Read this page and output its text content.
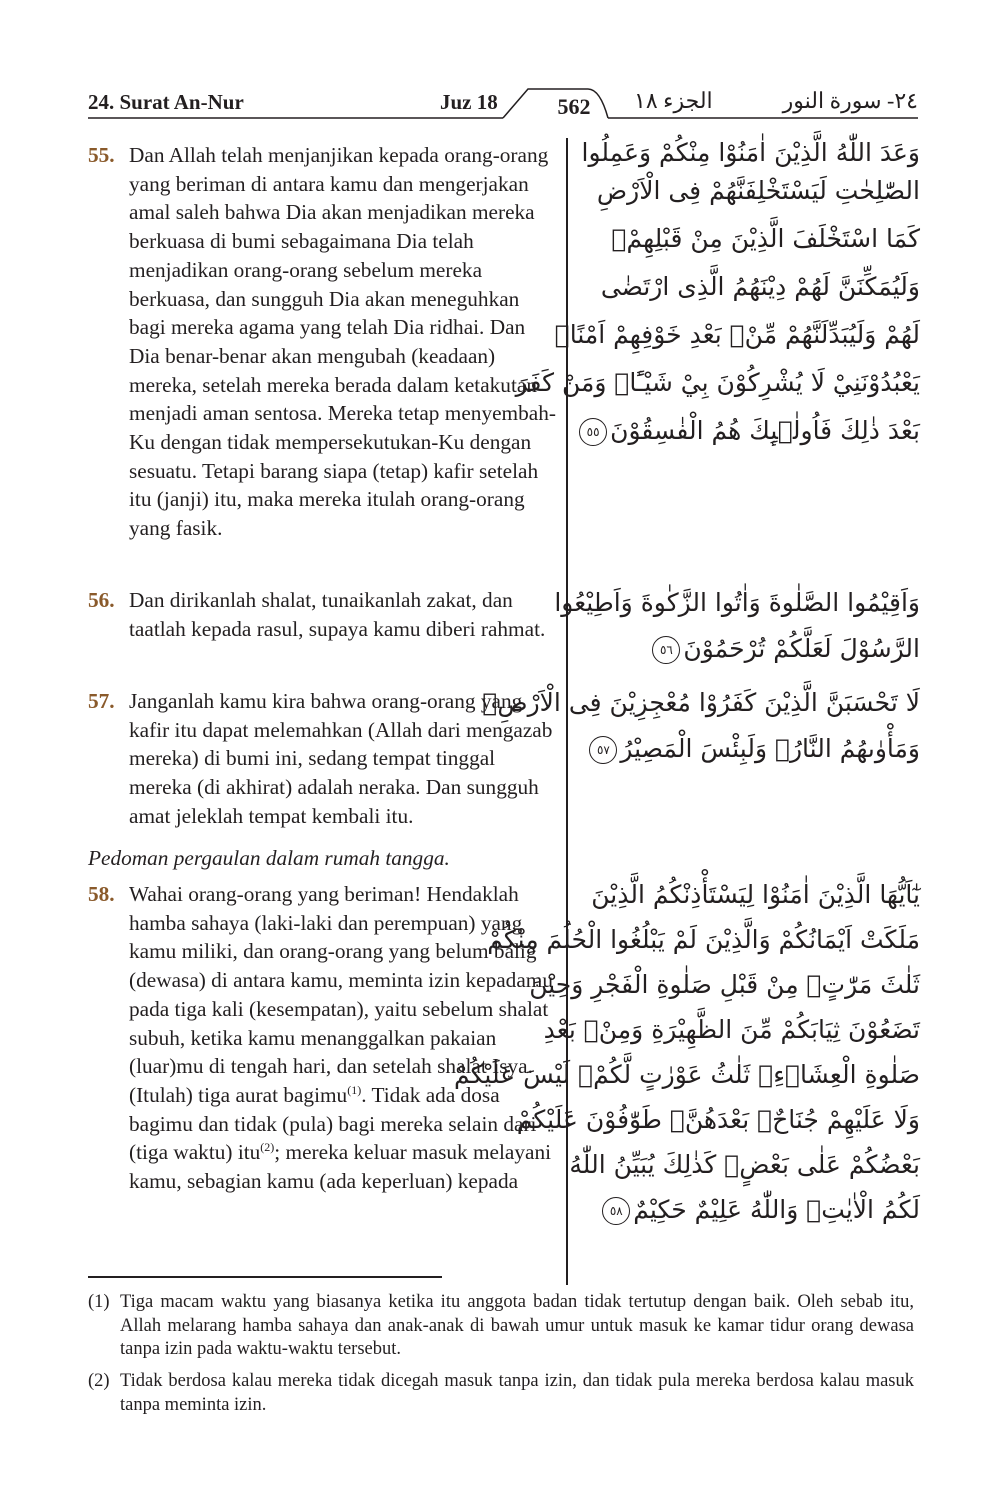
24. Surat An-Nur	Juz 18	562	الجزء ١٨	٢٤- سورة النور
55. Dan Allah telah menjanjikan kepada orang-orang yang beriman di antara kamu dan mengerjakan amal saleh bahwa Dia akan menjadikan mereka berkuasa di bumi sebagaimana Dia telah menjadikan orang-orang sebelum mereka berkuasa, dan sungguh Dia akan meneguhkan bagi mereka agama yang telah Dia ridhai. Dan Dia benar-benar akan mengubah (keadaan) mereka, setelah mereka berada dalam ketakutan menjadi aman sentosa. Mereka tetap menyembah-Ku dengan tidak mempersekutukan-Ku dengan sesuatu. Tetapi barang siapa (tetap) kafir setelah itu (janji) itu, maka mereka itulah orang-orang yang fasik.
وَعَدَ اللّٰهُ الَّذِيْنَ اٰمَنُوْا مِنْكُمْ وَعَمِلُوا
الصّٰلِحٰتِ لَيَسْتَخْلِفَنَّهُمْ فِى الْاَرْضِ
كَمَا اسْتَخْلَفَ الَّذِيْنَ مِنْ قَبْلِهِمْۖ
وَلَيُمَكِّنَنَّ لَهُمْ دِيْنَهُمُ الَّذِى ارْتَضٰى
لَهُمْ وَلَيُبَدِّلَنَّهُمْ مِّنْۢ بَعْدِ خَوْفِهِمْ اَمْنًاۗ
يَعْبُدُوْنَنِيْ لَا يُشْرِكُوْنَ بِيْ شَيْـًٔاۗ وَمَنْ كَفَرَ
بَعْدَ ذٰلِكَ فَاُولٰۤىِٕكَ هُمُ الْفٰسِقُوْنَ٥٥
56. Dan dirikanlah shalat, tunaikanlah zakat, dan taatlah kepada rasul, supaya kamu diberi rahmat.
وَاَقِيْمُوا الصَّلٰوةَ وَاٰتُوا الزَّكٰوةَ وَاَطِيْعُوا
الرَّسُوْلَ لَعَلَّكُمْ تُرْحَمُوْنَ٥٦
57. Janganlah kamu kira bahwa orang-orang yang kafir itu dapat melemahkan (Allah dari mengazab mereka) di bumi ini, sedang tempat tinggal mereka (di akhirat) adalah neraka. Dan sungguh amat jeleklah tempat kembali itu.
لَا تَحْسَبَنَّ الَّذِيْنَ كَفَرُوْا مُعْجِزِيْنَ فِى الْاَرْضِۚ
وَمَأْوٰىهُمُ النَّارُۗ وَلَبِئْسَ الْمَصِيْرُ٥٧
Pedoman pergaulan dalam rumah tangga.
58. Wahai orang-orang yang beriman! Hendaklah hamba sahaya (laki-laki dan perempuan) yang kamu miliki, dan orang-orang yang belum balig (dewasa) di antara kamu, meminta izin kepadamu pada tiga kali (kesempatan), yaitu sebelum shalat subuh, ketika kamu menanggalkan pakaian (luar)mu di tengah hari, dan setelah shalat Isya. (Itulah) tiga aurat bagimu$^{(1)}$. Tidak ada dosa bagimu dan tidak (pula) bagi mereka selain dari (tiga waktu) itu$^{(2)}$; mereka keluar masuk melayani kamu, sebagian kamu (ada keperluan) kepada
يٰٓاَيُّهَا الَّذِيْنَ اٰمَنُوْا لِيَسْتَأْذِنْكُمُ الَّذِيْنَ
مَلَكَتْ اَيْمَانُكُمْ وَالَّذِيْنَ لَمْ يَبْلُغُوا الْحُلُمَ مِنْكُمْ
ثَلٰثَ مَرّٰتٍۗ مِنْ قَبْلِ صَلٰوةِ الْفَجْرِ وَحِيْنَ
تَضَعُوْنَ ثِيَابَكُمْ مِّنَ الظَّهِيْرَةِ وَمِنْۢ بَعْدِ
صَلٰوةِ الْعِشَاۤءِۗ ثَلٰثُ عَوْرٰتٍ لَّكُمْۗ لَيْسَ عَلَيْكُمْ
وَلَا عَلَيْهِمْ جُنَاحٌۢ بَعْدَهُنَّۗ طَوّٰفُوْنَ عَلَيْكُمْ
بَعْضُكُمْ عَلٰى بَعْضٍۗ كَذٰلِكَ يُبَيِّنُ اللّٰهُ
لَكُمُ الْاٰيٰتِۗ وَاللّٰهُ عَلِيْمٌ حَكِيْمٌ٥٨
(1) Tiga macam waktu yang biasanya ketika itu anggota badan tidak tertutup dengan baik. Oleh sebab itu, Allah melarang hamba sahaya dan anak-anak di bawah umur untuk masuk ke kamar tidur orang dewasa tanpa izin pada waktu-waktu tersebut.
(2) Tidak berdosa kalau mereka tidak dicegah masuk tanpa izin, dan tidak pula mereka berdosa kalau masuk tanpa meminta izin.
